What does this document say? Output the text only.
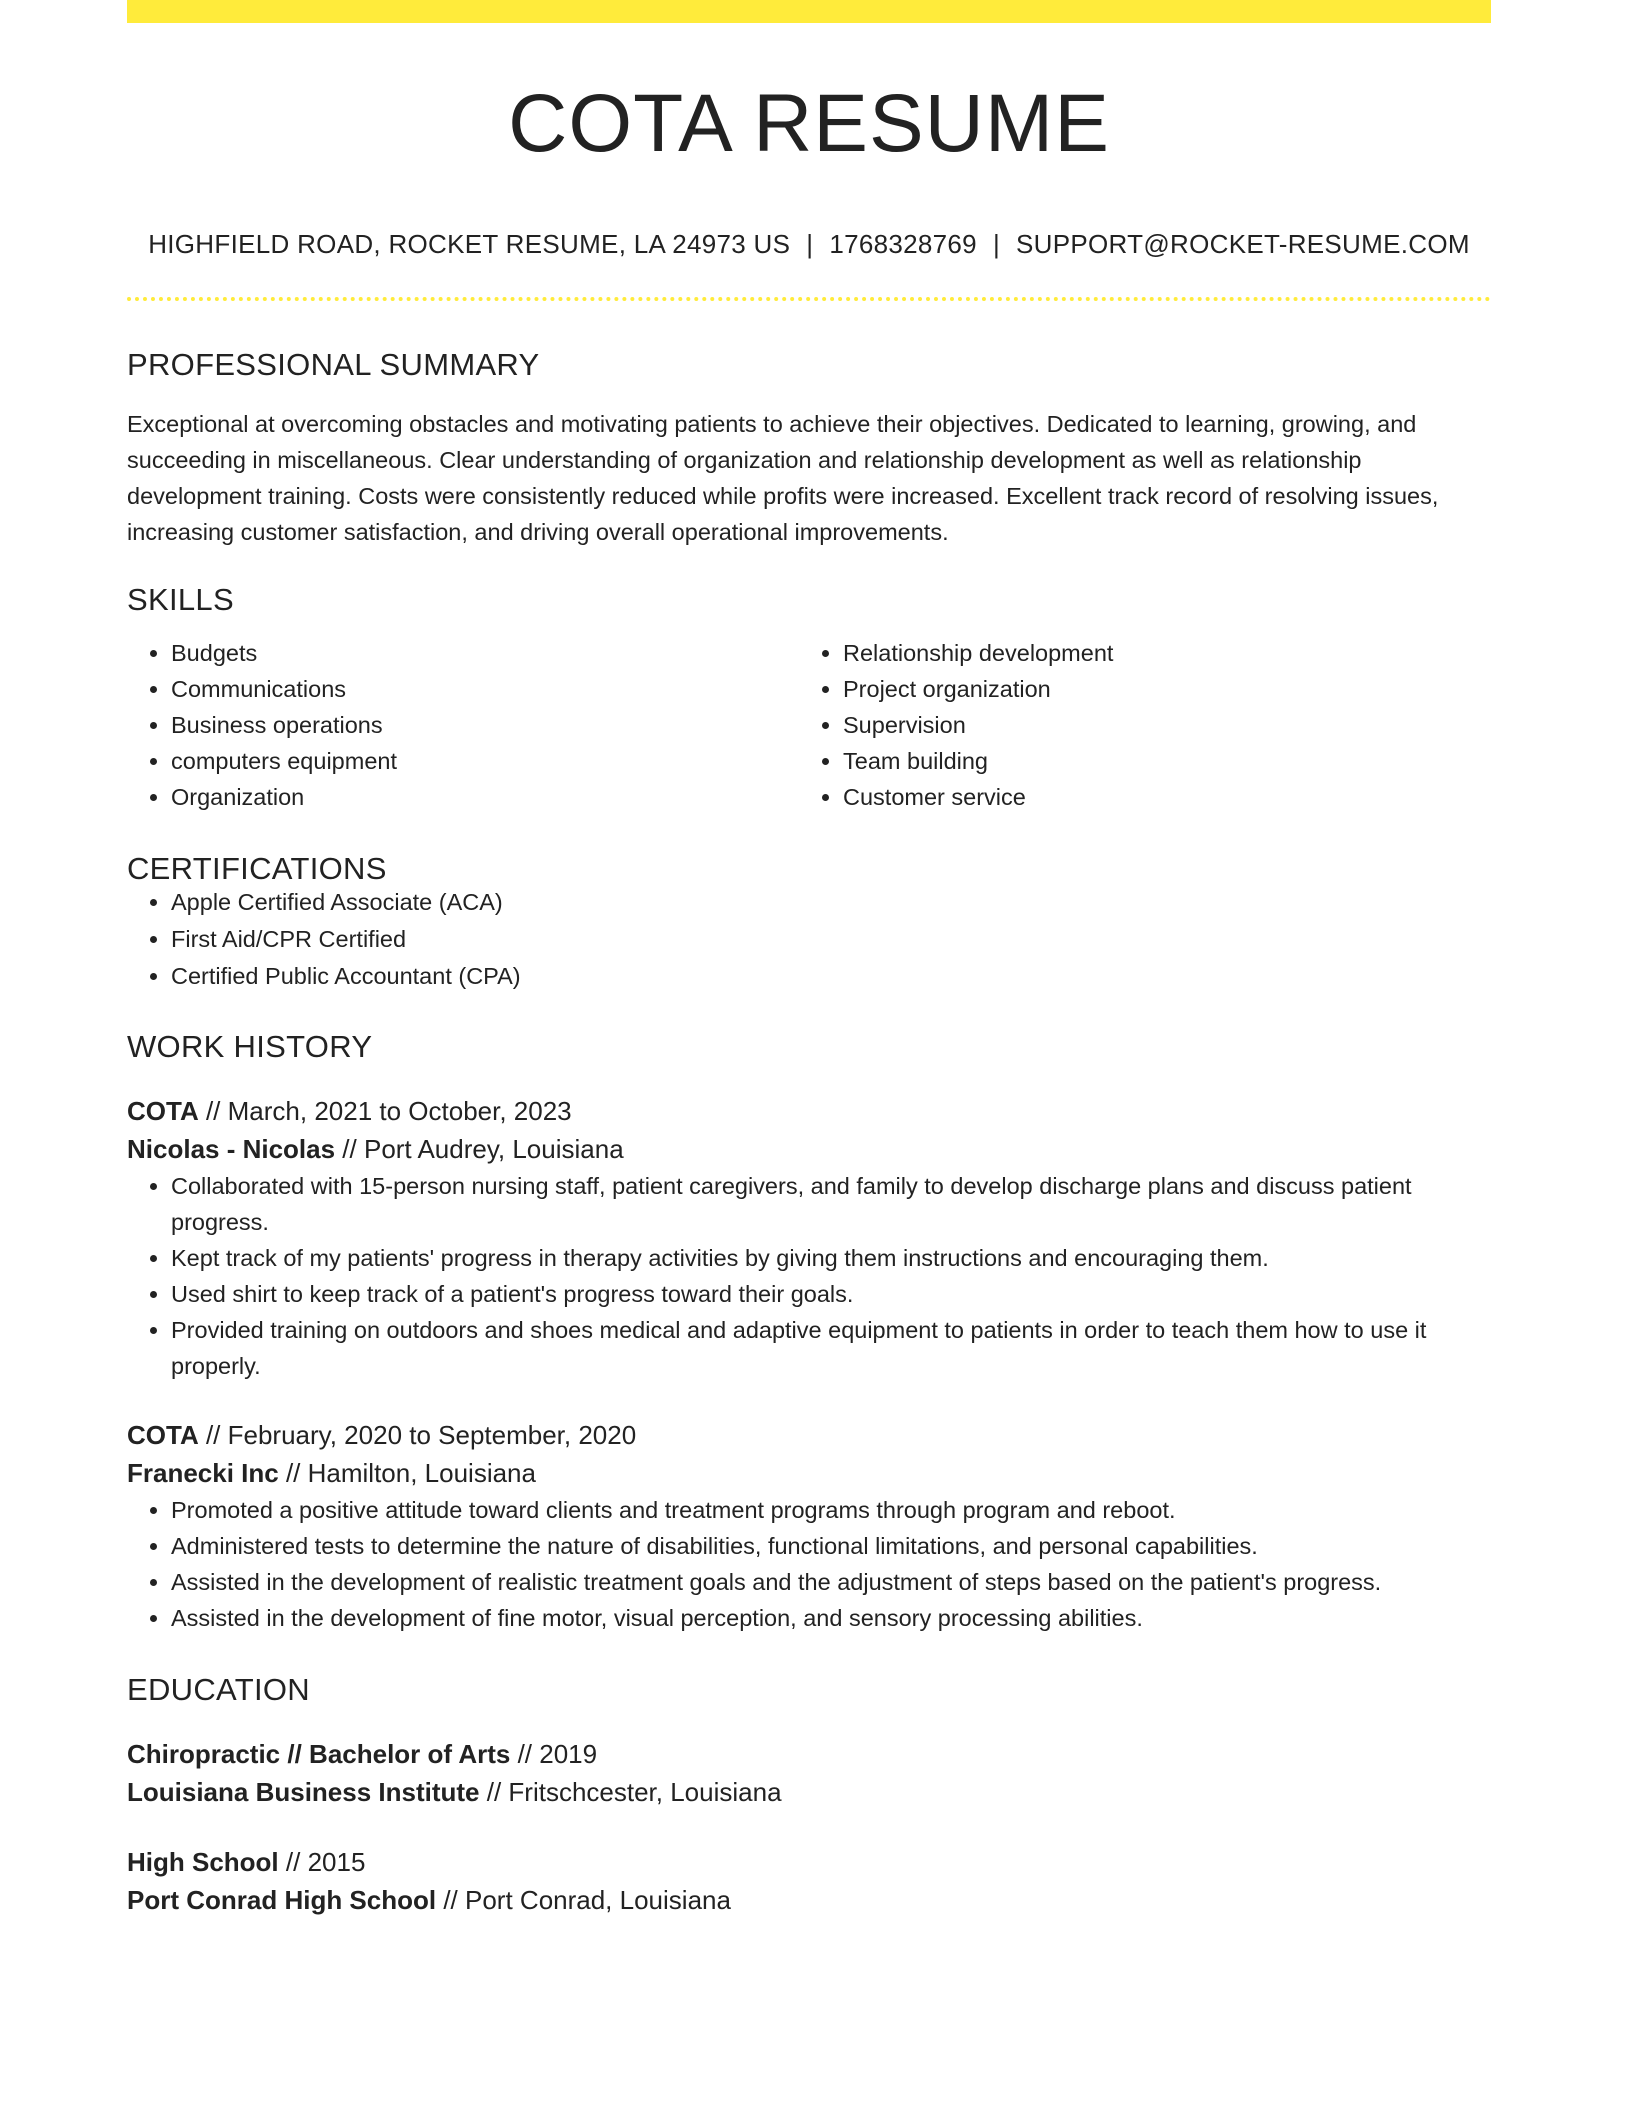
COTA RESUME
HIGHFIELD ROAD, ROCKET RESUME, LA 24973 US | 1768328769 | SUPPORT@ROCKET-RESUME.COM
PROFESSIONAL SUMMARY
Exceptional at overcoming obstacles and motivating patients to achieve their objectives. Dedicated to learning, growing, and succeeding in miscellaneous. Clear understanding of organization and relationship development as well as relationship development training. Costs were consistently reduced while profits were increased. Excellent track record of resolving issues, increasing customer satisfaction, and driving overall operational improvements.
SKILLS
• Budgets
• Communications
• Business operations
• computers equipment
• Organization
• Relationship development
• Project organization
• Supervision
• Team building
• Customer service
CERTIFICATIONS
• Apple Certified Associate (ACA)
• First Aid/CPR Certified
• Certified Public Accountant (CPA)
WORK HISTORY
COTA // March, 2021 to October, 2023
Nicolas - Nicolas // Port Audrey, Louisiana
• Collaborated with 15-person nursing staff, patient caregivers, and family to develop discharge plans and discuss patient progress.
• Kept track of my patients' progress in therapy activities by giving them instructions and encouraging them.
• Used shirt to keep track of a patient's progress toward their goals.
• Provided training on outdoors and shoes medical and adaptive equipment to patients in order to teach them how to use it properly.
COTA // February, 2020 to September, 2020
Franecki Inc // Hamilton, Louisiana
• Promoted a positive attitude toward clients and treatment programs through program and reboot.
• Administered tests to determine the nature of disabilities, functional limitations, and personal capabilities.
• Assisted in the development of realistic treatment goals and the adjustment of steps based on the patient's progress.
• Assisted in the development of fine motor, visual perception, and sensory processing abilities.
EDUCATION
Chiropractic // Bachelor of Arts // 2019
Louisiana Business Institute // Fritschcester, Louisiana
High School // 2015
Port Conrad High School // Port Conrad, Louisiana
